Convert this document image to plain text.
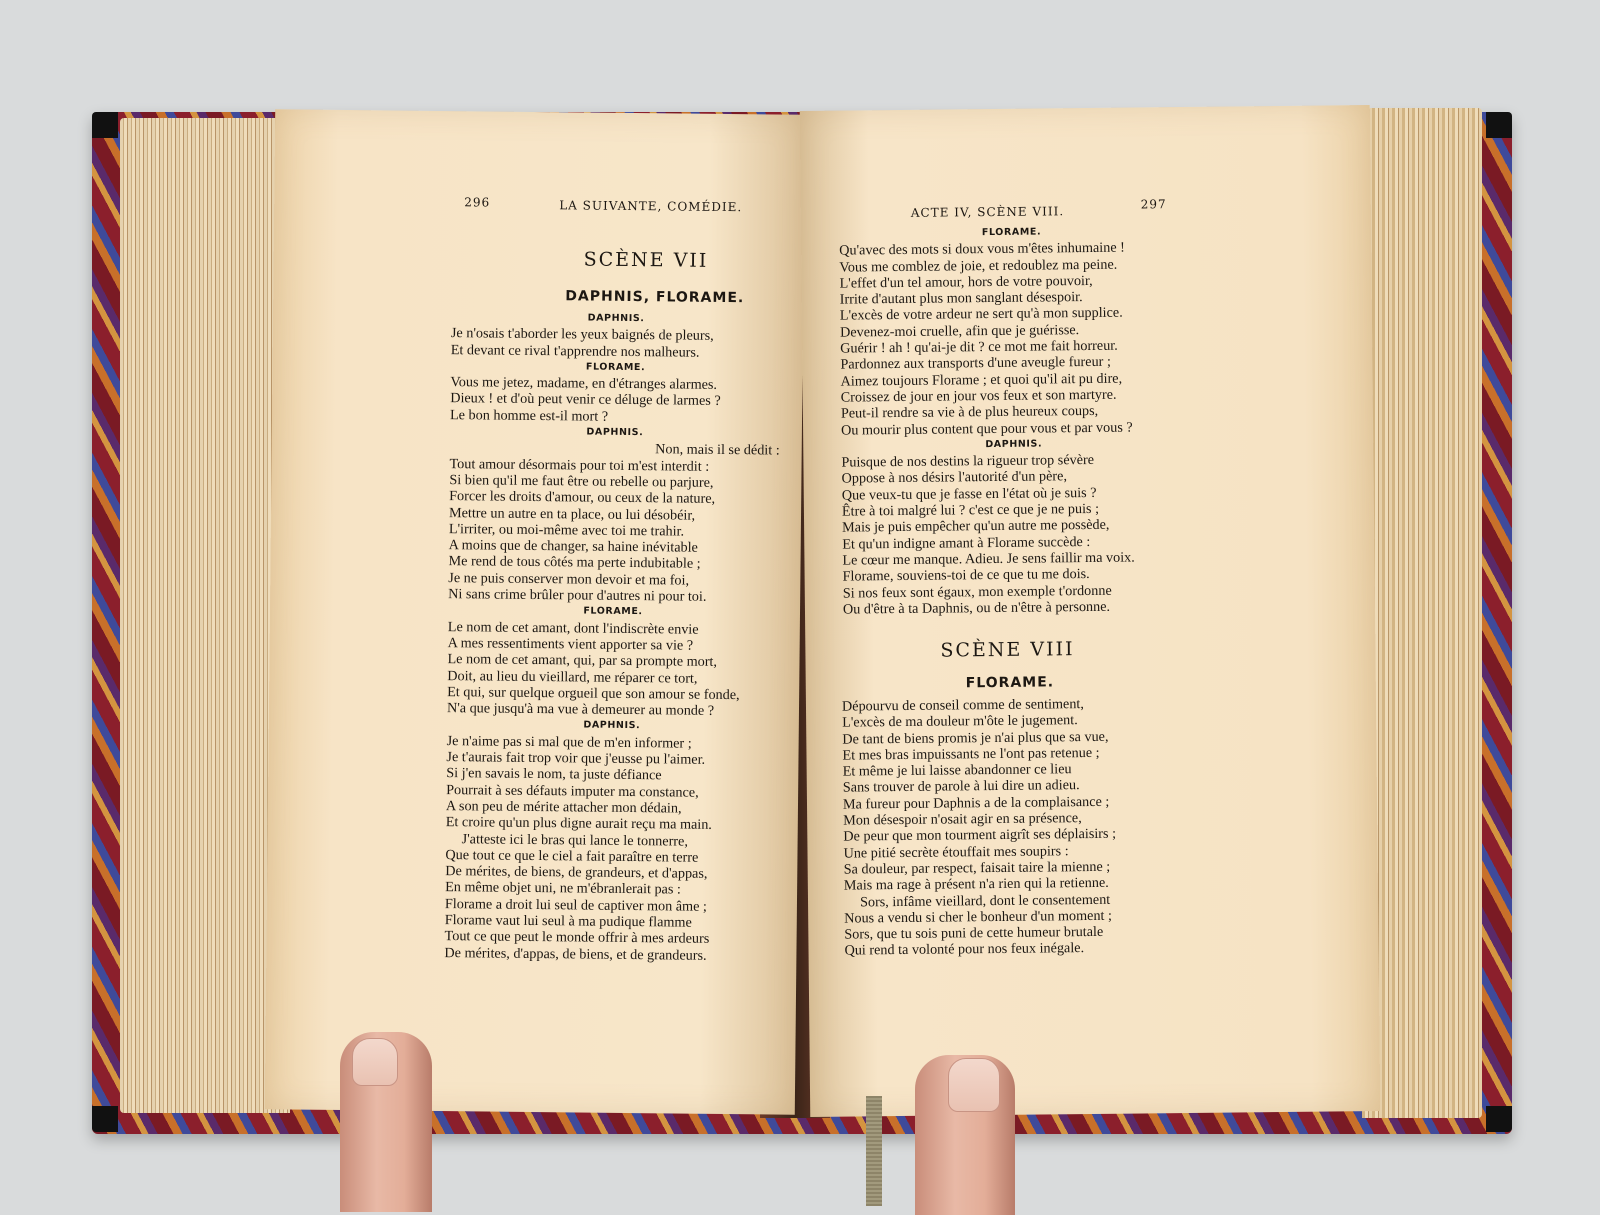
296	LA SUIVANTE, COMÉDIE.
SCÈNE VII
DAPHNIS, FLORAME.
DAPHNIS.
Je n'osais t'aborder les yeux baignés de pleurs,
Et devant ce rival t'apprendre nos malheurs.
FLORAME.
Vous me jetez, madame, en d'étranges alarmes.
Dieux ! et d'où peut venir ce déluge de larmes ?
Le bon homme est-il mort ?
DAPHNIS.
Non, mais il se dédit :
Tout amour désormais pour toi m'est interdit :
Si bien qu'il me faut être ou rebelle ou parjure,
Forcer les droits d'amour, ou ceux de la nature,
Mettre un autre en ta place, ou lui désobéir,
L'irriter, ou moi-même avec toi me trahir.
A moins que de changer, sa haine inévitable
Me rend de tous côtés ma perte indubitable ;
Je ne puis conserver mon devoir et ma foi,
Ni sans crime brûler pour d'autres ni pour toi.
FLORAME.
Le nom de cet amant, dont l'indiscrète envie
A mes ressentiments vient apporter sa vie ?
Le nom de cet amant, qui, par sa prompte mort,
Doit, au lieu du vieillard, me réparer ce tort,
Et qui, sur quelque orgueil que son amour se fonde,
N'a que jusqu'à ma vue à demeurer au monde ?
DAPHNIS.
Je n'aime pas si mal que de m'en informer ;
Je t'aurais fait trop voir que j'eusse pu l'aimer.
Si j'en savais le nom, ta juste défiance
Pourrait à ses défauts imputer ma constance,
A son peu de mérite attacher mon dédain,
Et croire qu'un plus digne aurait reçu ma main.
J'atteste ici le bras qui lance le tonnerre,
Que tout ce que le ciel a fait paraître en terre
De mérites, de biens, de grandeurs, et d'appas,
En même objet uni, ne m'ébranlerait pas :
Florame a droit lui seul de captiver mon âme ;
Florame vaut lui seul à ma pudique flamme
Tout ce que peut le monde offrir à mes ardeurs
De mérites, d'appas, de biens, et de grandeurs.
ACTE IV, SCÈNE VIII.	297
FLORAME.
Qu'avec des mots si doux vous m'êtes inhumaine !
Vous me comblez de joie, et redoublez ma peine.
L'effet d'un tel amour, hors de votre pouvoir,
Irrite d'autant plus mon sanglant désespoir.
L'excès de votre ardeur ne sert qu'à mon supplice.
Devenez-moi cruelle, afin que je guérisse.
Guérir ! ah ! qu'ai-je dit ? ce mot me fait horreur.
Pardonnez aux transports d'une aveugle fureur ;
Aimez toujours Florame ; et quoi qu'il ait pu dire,
Croissez de jour en jour vos feux et son martyre.
Peut-il rendre sa vie à de plus heureux coups,
Ou mourir plus content que pour vous et par vous ?
DAPHNIS.
Puisque de nos destins la rigueur trop sévère
Oppose à nos désirs l'autorité d'un père,
Que veux-tu que je fasse en l'état où je suis ?
Être à toi malgré lui ? c'est ce que je ne puis ;
Mais je puis empêcher qu'un autre me possède,
Et qu'un indigne amant à Florame succède :
Le cœur me manque. Adieu. Je sens faillir ma voix.
Florame, souviens-toi de ce que tu me dois.
Si nos feux sont égaux, mon exemple t'ordonne
Ou d'être à ta Daphnis, ou de n'être à personne.
SCÈNE VIII
FLORAME.
Dépourvu de conseil comme de sentiment,
L'excès de ma douleur m'ôte le jugement.
De tant de biens promis je n'ai plus que sa vue,
Et mes bras impuissants ne l'ont pas retenue ;
Et même je lui laisse abandonner ce lieu
Sans trouver de parole à lui dire un adieu.
Ma fureur pour Daphnis a de la complaisance ;
Mon désespoir n'osait agir en sa présence,
De peur que mon tourment aigrît ses déplaisirs ;
Une pitié secrète étouffait mes soupirs :
Sa douleur, par respect, faisait taire la mienne ;
Mais ma rage à présent n'a rien qui la retienne.
Sors, infâme vieillard, dont le consentement
Nous a vendu si cher le bonheur d'un moment ;
Sors, que tu sois puni de cette humeur brutale
Qui rend ta volonté pour nos feux inégale.
